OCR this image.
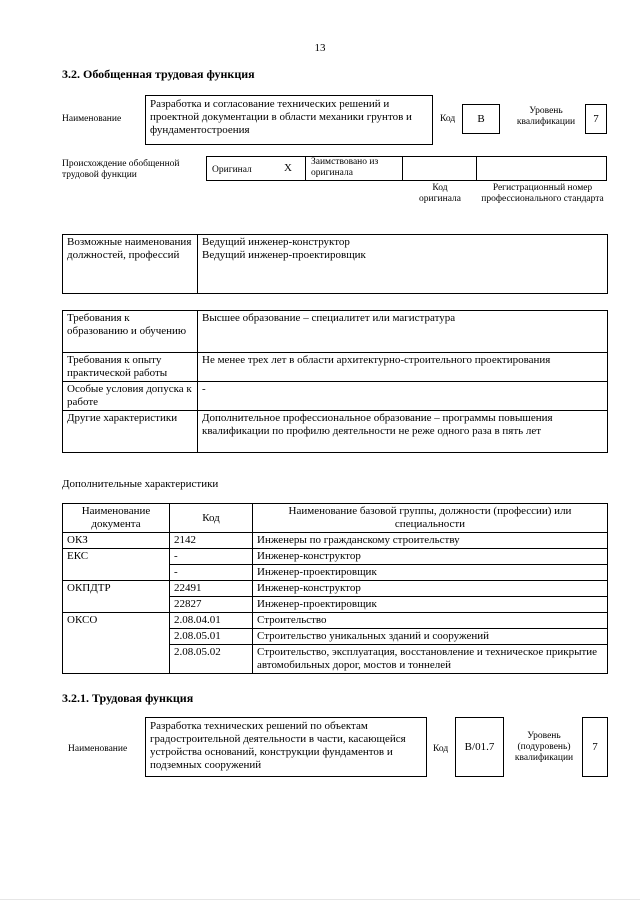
13
3.2. Обобщенная трудовая функция
Наименование
Разработка и согласование технических решений и проектной документации в области механики грунтов и фундаментостроения
Код B
Уровень квалификации	7
Происхождение обобщенной трудовой функции	Оригинал	X Заимствовано из оригинала
Код оригинала
Регистрационный номер профессионального стандарта
Возможные наименования должностей, профессий	
Ведущий инженер-конструктор
Ведущий инженер-проектировщик
Требования к образованию и обучению	Высшее образование – специалитет или магистратура
Требования к опыту практической работы	Не менее трех лет в области архитектурно-строительного проектирования
Особые условия допуска к работе	-
Другие характеристики	Дополнительное профессиональное образование – программы повышения квалификации по профилю деятельности не реже одного раза в пять лет
Дополнительные характеристики
Наименование документа	Код	Наименование базовой группы, должности (профессии) или специальности
ОКЗ	2142	Инженеры по гражданскому строительству
ЕКС	-	Инженер-конструктор
	-	Инженер-проектировщик
ОКПДТР	22491	Инженер-конструктор
	22827	Инженер-проектировщик
ОКСО	2.08.04.01	Строительство
	2.08.05.01	Строительство уникальных зданий и сооружений
	2.08.05.02	Строительство, эксплуатация, восстановление и техническое прикрытие автомобильных дорог, мостов и тоннелей
3.2.1. Трудовая функция
Наименование
Разработка технических решений по объектам градостроительной деятельности в части, касающейся устройства оснований, конструкции фундаментов и подземных сооружений
Код B/01.7
Уровень (подуровень) квалификации
7
